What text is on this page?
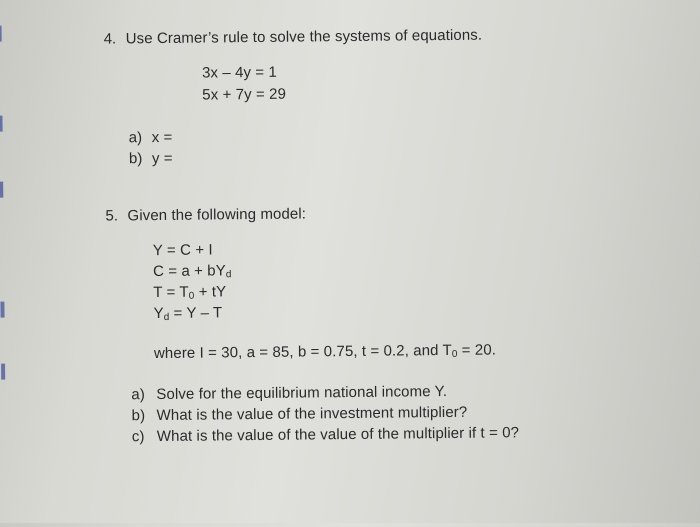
4. Use Cramer’s rule to solve the systems of equations.
3x – 4y = 1
5x + 7y = 29
a) x =
b) y =
5. Given the following model:
Y = C + I
$C = a + bY_d$
$T = T_0$ + tY
$Y_d = Y - T$
where I = 30, a = 85, b = 0.75, t = 0.2, and $T_0 = 20$.
a) Solve for the equilibrium national income Y.
b) What is the value of the investment multiplier?
c) What is the value of the value of the multiplier if t = 0?
